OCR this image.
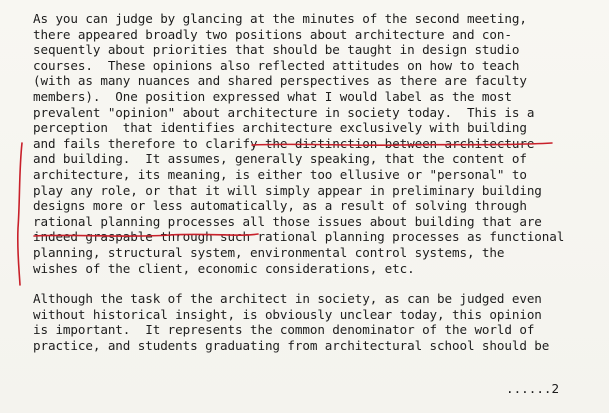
As you can judge by glancing at the minutes of the second meeting,
there appeared broadly two positions about architecture and con-
sequently about priorities that should be taught in design studio
courses.  These opinions also reflected attitudes on how to teach
(with as many nuances and shared perspectives as there are faculty
members).  One position expressed what I would label as the most
prevalent "opinion" about architecture in society today.  This is a
perception  that identifies architecture exclusively with building
and fails therefore to clarify the distinction between architecture
and building.  It assumes, generally speaking, that the content of
architecture, its meaning, is either too ellusive or "personal" to
play any role, or that it will simply appear in preliminary building
designs more or less automatically, as a result of solving through
rational planning processes all those issues about building that are
indeed graspable through such rational planning processes as functional
planning, structural system, environmental control systems, the
wishes of the client, economic considerations, etc.
Although the task of the architect in society, as can be judged even
without historical insight, is obviously unclear today, this opinion
is important.  It represents the common denominator of the world of
practice, and students graduating from architectural school should be
......2
